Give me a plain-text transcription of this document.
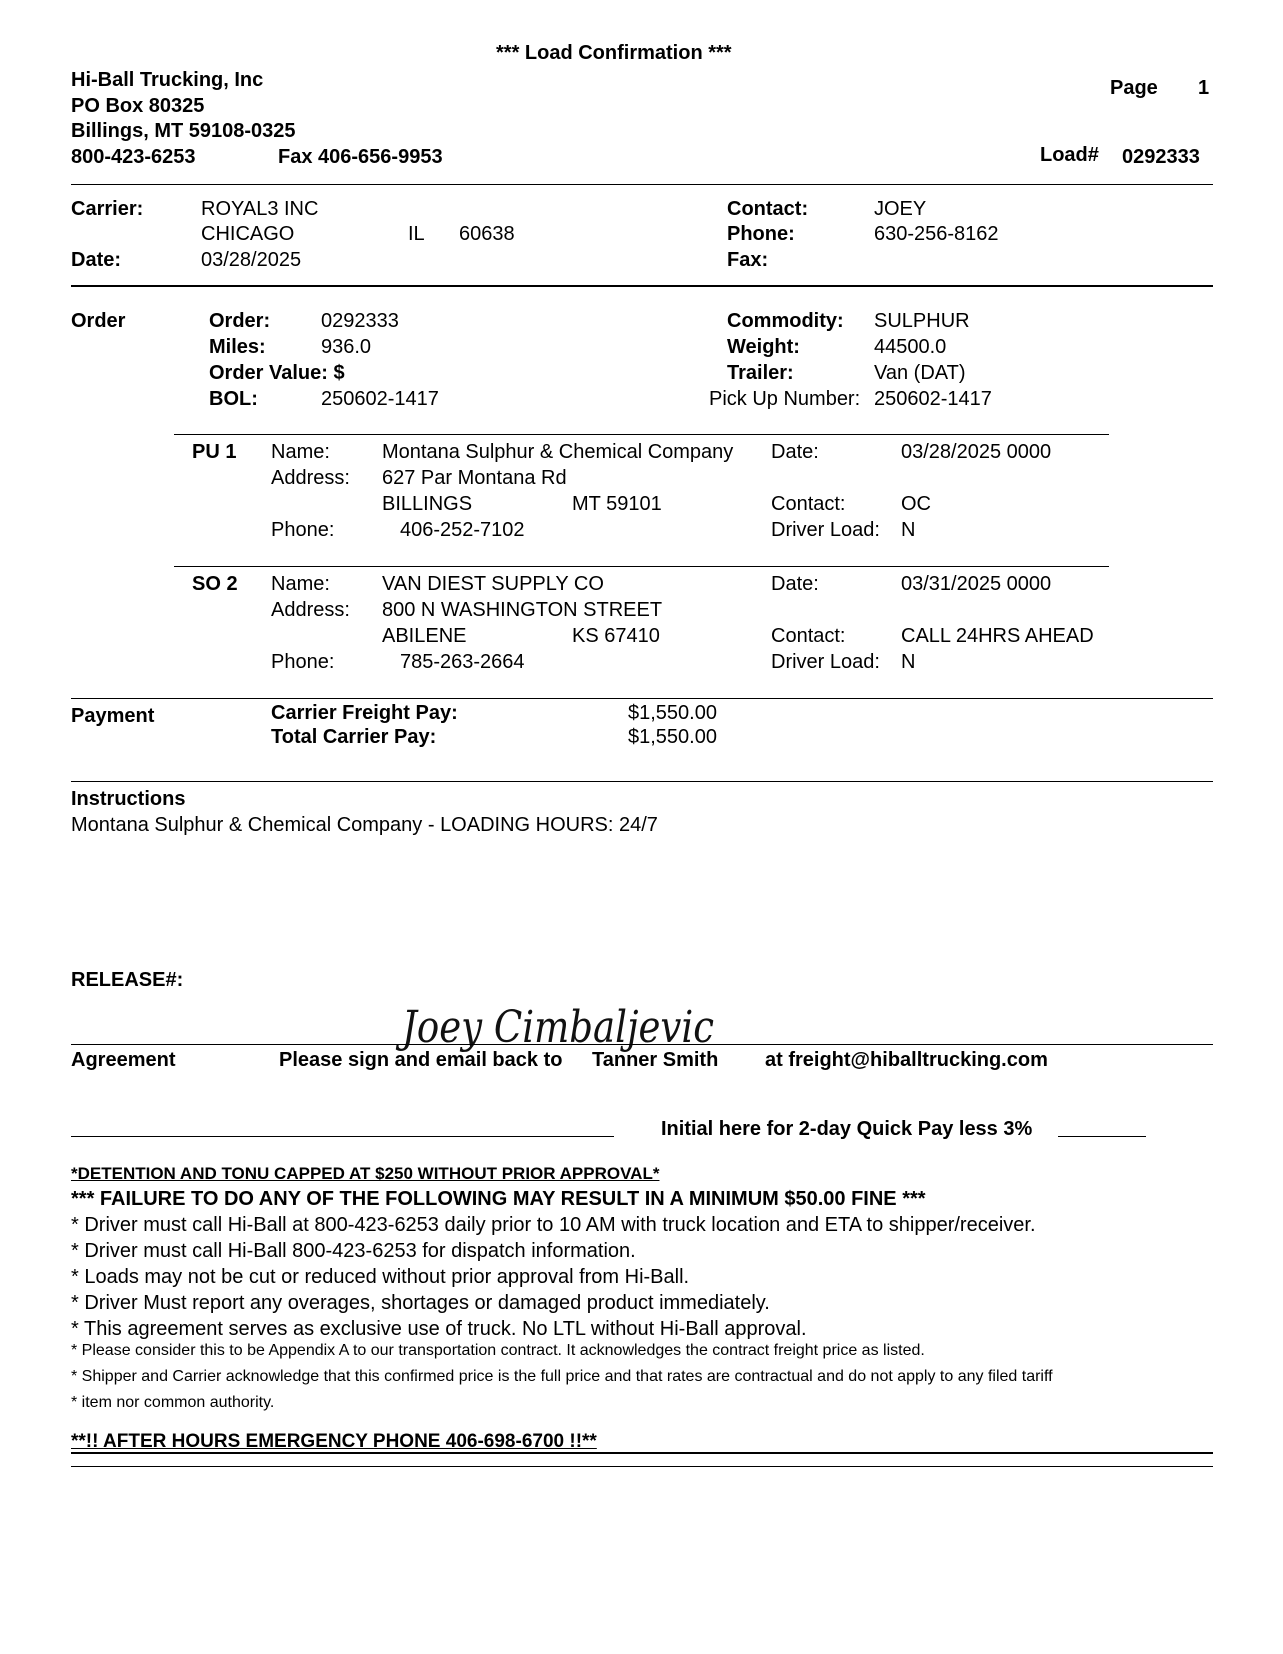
*** Load Confirmation ***
Hi-Ball Trucking, Inc
PO Box 80325
Billings, MT 59108-0325
800-423-6253	Fax 406-656-9953
Page 1
Load# 0292333
Carrier:	ROYAL3 INC
CHICAGO	IL 60638
Date:	03/28/2025
Contact:	JOEY
Phone:	630-256-8162
Fax:
Order	Order:	0292333
Miles:	936.0
Order Value: $
BOL:	250602-1417
Commodity: SULPHUR
Weight:	44500.0
Trailer:	Van (DAT)
Pick Up Number: 250602-1417
PU 1 Name:	Montana Sulphur & Chemical Company
Address: 627 Par Montana Rd
BILLINGS	MT 59101
Phone:	406-252-7102
Date:	03/28/2025 0000
Contact:	OC
Driver Load: N
SO 2 Name:	VAN DIEST SUPPLY CO
Address: 800 N WASHINGTON STREET
ABILENE	KS 67410
Phone:	785-263-2664
Date:	03/31/2025 0000
Contact:	CALL 24HRS AHEAD
Driver Load: N
Payment	Carrier Freight Pay:	$1,550.00
Total Carrier Pay:	$1,550.00
Instructions
Montana Sulphur & Chemical Company - LOADING HOURS: 24/7
RELEASE#:
Joey Cimbaljevic
Agreement	Please sign and email back to Tanner Smith at freight@hiballtrucking.com
Initial here for 2-day Quick Pay less 3%
*DETENTION AND TONU CAPPED AT $250 WITHOUT PRIOR APPROVAL*
*** FAILURE TO DO ANY OF THE FOLLOWING MAY RESULT IN A MINIMUM $50.00 FINE ***
* Driver must call Hi-Ball at 800-423-6253 daily prior to 10 AM with truck location and ETA to shipper/receiver.
* Driver must call Hi-Ball 800-423-6253 for dispatch information.
* Loads may not be cut or reduced without prior approval from Hi-Ball.
* Driver Must report any overages, shortages or damaged product immediately.
* This agreement serves as exclusive use of truck. No LTL without Hi-Ball approval.
* Please consider this to be Appendix A to our transportation contract. It acknowledges the contract freight price as listed.
* Shipper and Carrier acknowledge that this confirmed price is the full price and that rates are contractual and do not apply to any filed tariff
* item nor common authority.
**!! AFTER HOURS EMERGENCY PHONE 406-698-6700 !!**
